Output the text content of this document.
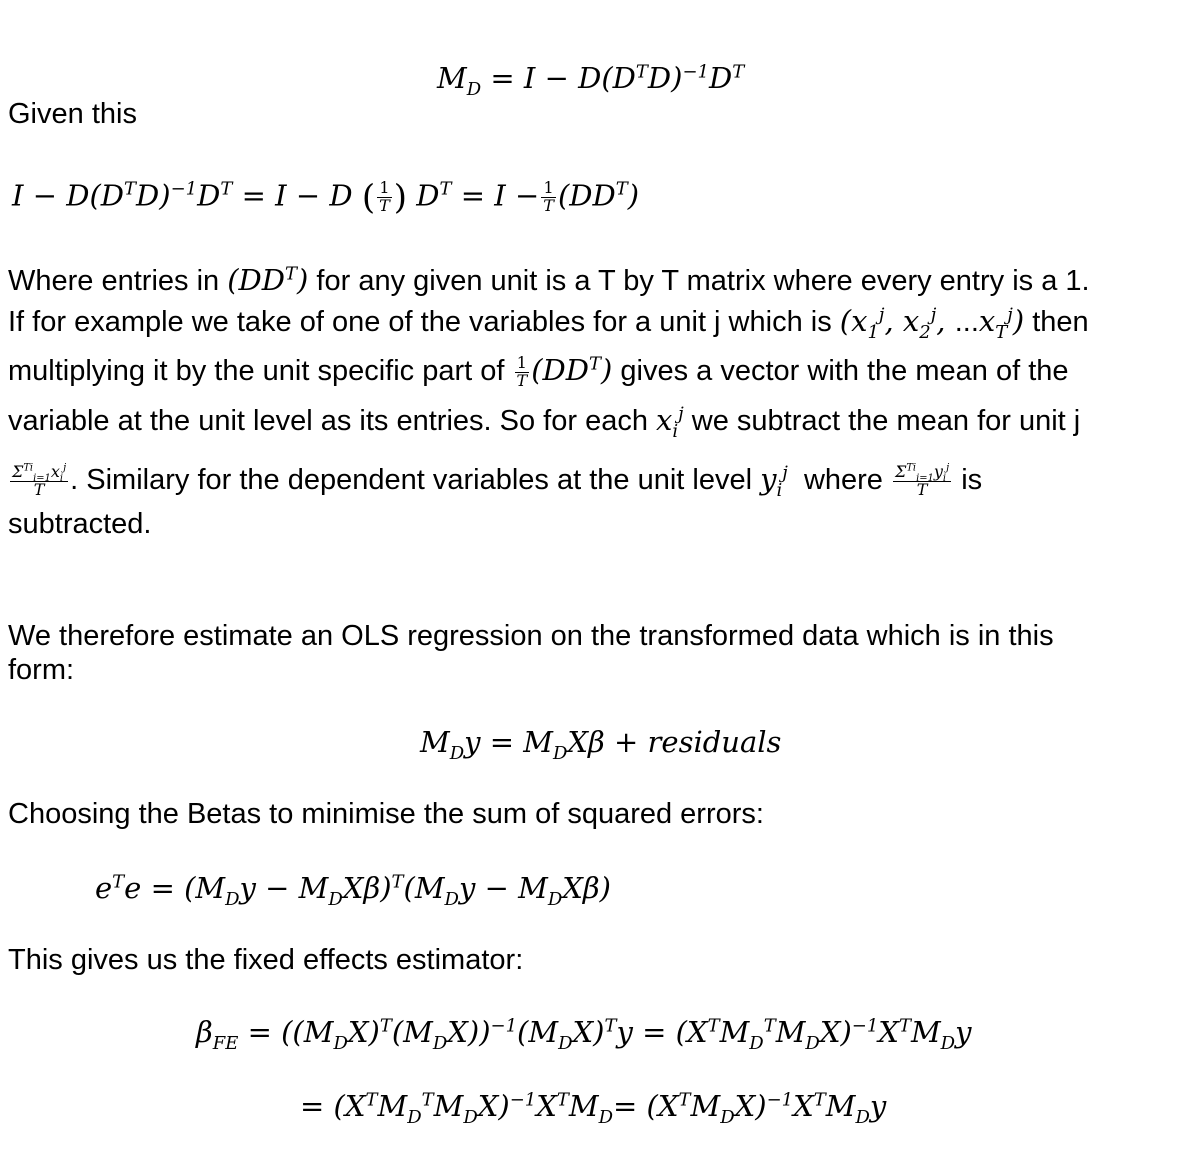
$M_D = I - D(D^TD)^{-1}D^T$
Given this
$I - D(D^TD)^{-1}D^T = I - D$ ( $\frac{1}{T}$ ) $D^T = I - \frac{1}{T} (DD^T)$
Where entries in $(DD^T)$ for any given unit is a T by T matrix where every entry is a 1.
If for example we take of one of the variables for a unit j which is ($x_1^j$, $x_2^j$, $...x_T^j$) then
multiplying it by the unit specific part of $\frac{1}{T} (DD^T)$ gives a vector with the mean of the
variable at the unit level as its entries. So for each $x_i^j$ we subtract the mean for unit j
$\frac{\Sigma^{Ti}_{i=1}x_i^j}{T}$ . Similary for the dependent variables at the unit level $y_i^j$  where $\frac{\Sigma^{Ti}_{i=1}y_i^j}{T}$ is
subtracted.
We therefore estimate an OLS regression on the transformed data which is in this
form:
$M_Dy = M_DX\beta$ + residuals
Choosing the Betas to minimise the sum of squared errors:
$e^Te = (M_Dy - M_DX\beta)^T(M_Dy - M_DX\beta)$
This gives us the fixed effects estimator:
$\beta_{FE} = ((M_DX)^T(M_DX))^{-1}(M_DX)^Ty = (X^TM_D^TM_DX)^{-1}X^TM_Dy$
= $(X^TM_D^TM_DX)^{-1}X^TM_D= (X^TM_DX)^{-1}X^TM_Dy$
